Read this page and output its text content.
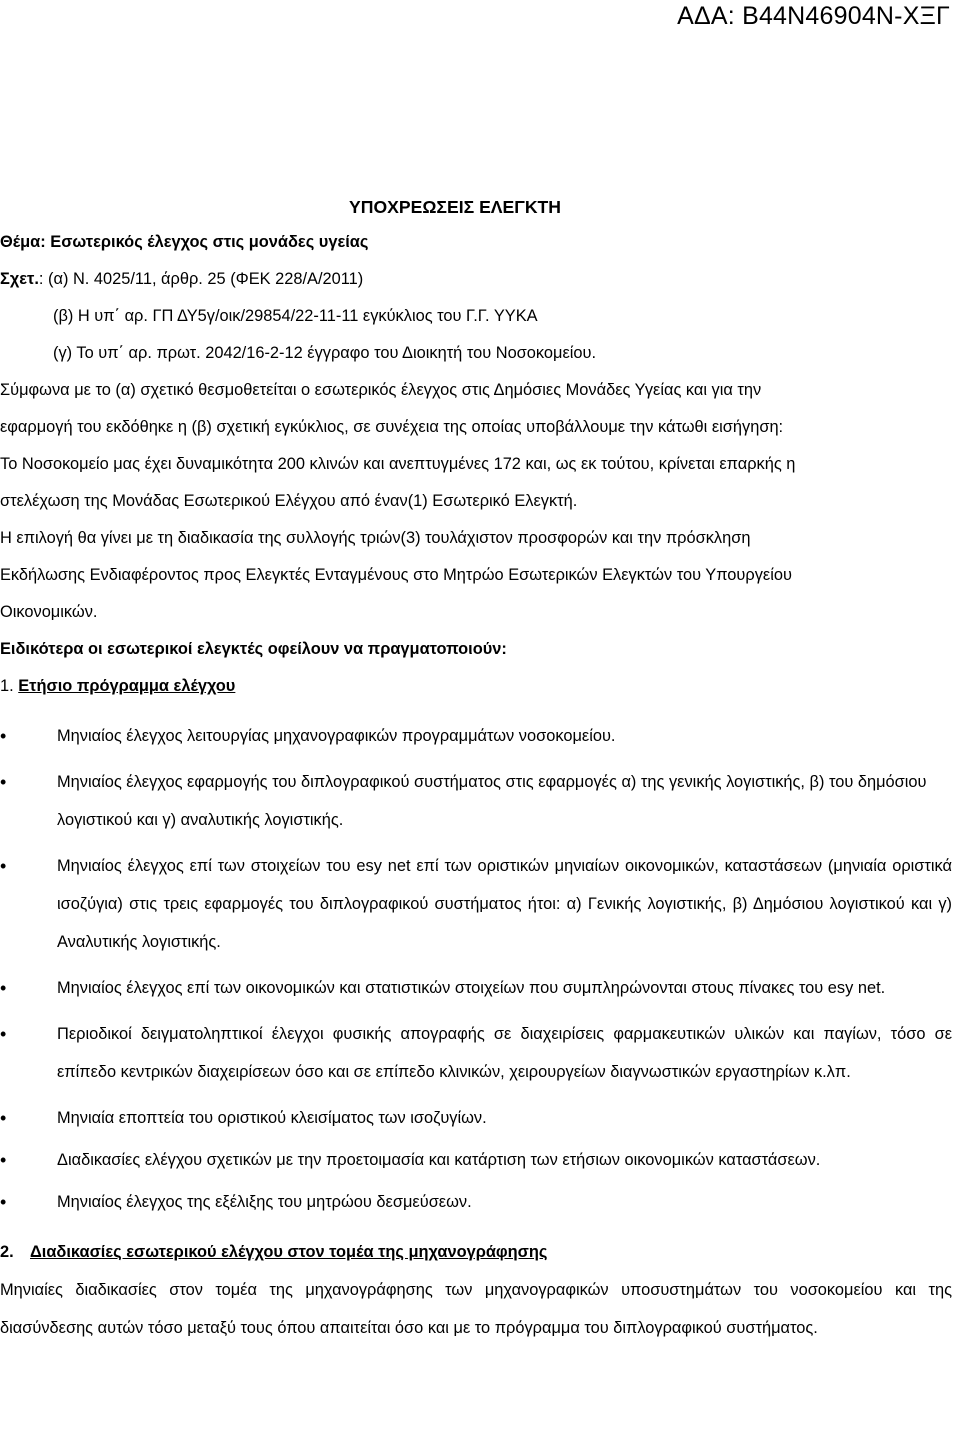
ΑΔΑ: Β44Ν46904Ν-ΧΞΓ
ΥΠΟΧΡΕΩΣΕΙΣ ΕΛΕΓΚΤΗ
Θέμα: Εσωτερικός έλεγχος στις μονάδες υγείας
Σχετ.: (α) Ν. 4025/11, άρθρ. 25 (ΦΕΚ 228/Α/2011)
(β) Η υπ΄ αρ. ΓΠ ΔΥ5γ/οικ/29854/22-11-11 εγκύκλιος του Γ.Γ. ΥΥΚΑ
(γ) Το υπ΄ αρ. πρωτ. 2042/16-2-12 έγγραφο του Διοικητή του Νοσοκομείου.
Σύμφωνα με το (α) σχετικό θεσμοθετείται ο εσωτερικός έλεγχος στις Δημόσιες Μονάδες Υγείας και για την
εφαρμογή του εκδόθηκε η (β) σχετική εγκύκλιος, σε συνέχεια της οποίας υποβάλλουμε την κάτωθι εισήγηση:
Το Νοσοκομείο μας έχει δυναμικότητα 200 κλινών και ανεπτυγμένες 172 και, ως εκ τούτου, κρίνεται επαρκής η
στελέχωση της Μονάδας Εσωτερικού Ελέγχου από έναν(1) Εσωτερικό Ελεγκτή.
Η επιλογή θα γίνει με τη διαδικασία της συλλογής τριών(3) τουλάχιστον προσφορών και την πρόσκληση
Εκδήλωσης Ενδιαφέροντος προς Ελεγκτές Ενταγμένους στο Μητρώο Εσωτερικών Ελεγκτών του Υπουργείου
Οικονομικών.
Ειδικότερα οι εσωτερικοί ελεγκτές οφείλουν να πραγματοποιούν:
1. Ετήσιο πρόγραμμα ελέγχου
•	Μηνιαίος έλεγχος λειτουργίας μηχανογραφικών προγραμμάτων νοσοκομείου.
•	Μηνιαίος έλεγχος εφαρμογής του διπλογραφικού συστήματος στις εφαρμογές α) της γενικής λογιστικής, β) του δημόσιου λογιστικού και γ) αναλυτικής λογιστικής.
•	Μηνιαίος έλεγχος επί των στοιχείων του esy net επί των οριστικών μηνιαίων οικονομικών, καταστάσεων (μηνιαία οριστικά ισοζύγια) στις τρεις εφαρμογές του διπλογραφικού συστήματος ήτοι: α) Γενικής λογιστικής, β) Δημόσιου λογιστικού και γ) Αναλυτικής λογιστικής.
•	Μηνιαίος έλεγχος επί των οικονομικών και στατιστικών στοιχείων που συμπληρώνονται στους πίνακες του esy net.
•	Περιοδικοί δειγματοληπτικοί έλεγχοι φυσικής απογραφής σε διαχειρίσεις φαρμακευτικών υλικών και παγίων, τόσο σε επίπεδο κεντρικών διαχειρίσεων όσο και σε επίπεδο κλινικών, χειρουργείων διαγνωστικών εργαστηρίων κ.λπ.
•	Μηνιαία εποπτεία του οριστικού κλεισίματος των ισοζυγίων.
•	Διαδικασίες ελέγχου σχετικών με την προετοιμασία και κατάρτιση των ετήσιων οικονομικών καταστάσεων.
•	Μηνιαίος έλεγχος της εξέλιξης του μητρώου δεσμεύσεων.
2. Διαδικασίες εσωτερικού ελέγχου στον τομέα της μηχανογράφησης

Μηνιαίες διαδικασίες στον τομέα της μηχανογράφησης των μηχανογραφικών υποσυστημάτων του νοσοκομείου και της διασύνδεσης αυτών τόσο μεταξύ τους όπου απαιτείται όσο και με το πρόγραμμα του διπλογραφικού συστήματος.
